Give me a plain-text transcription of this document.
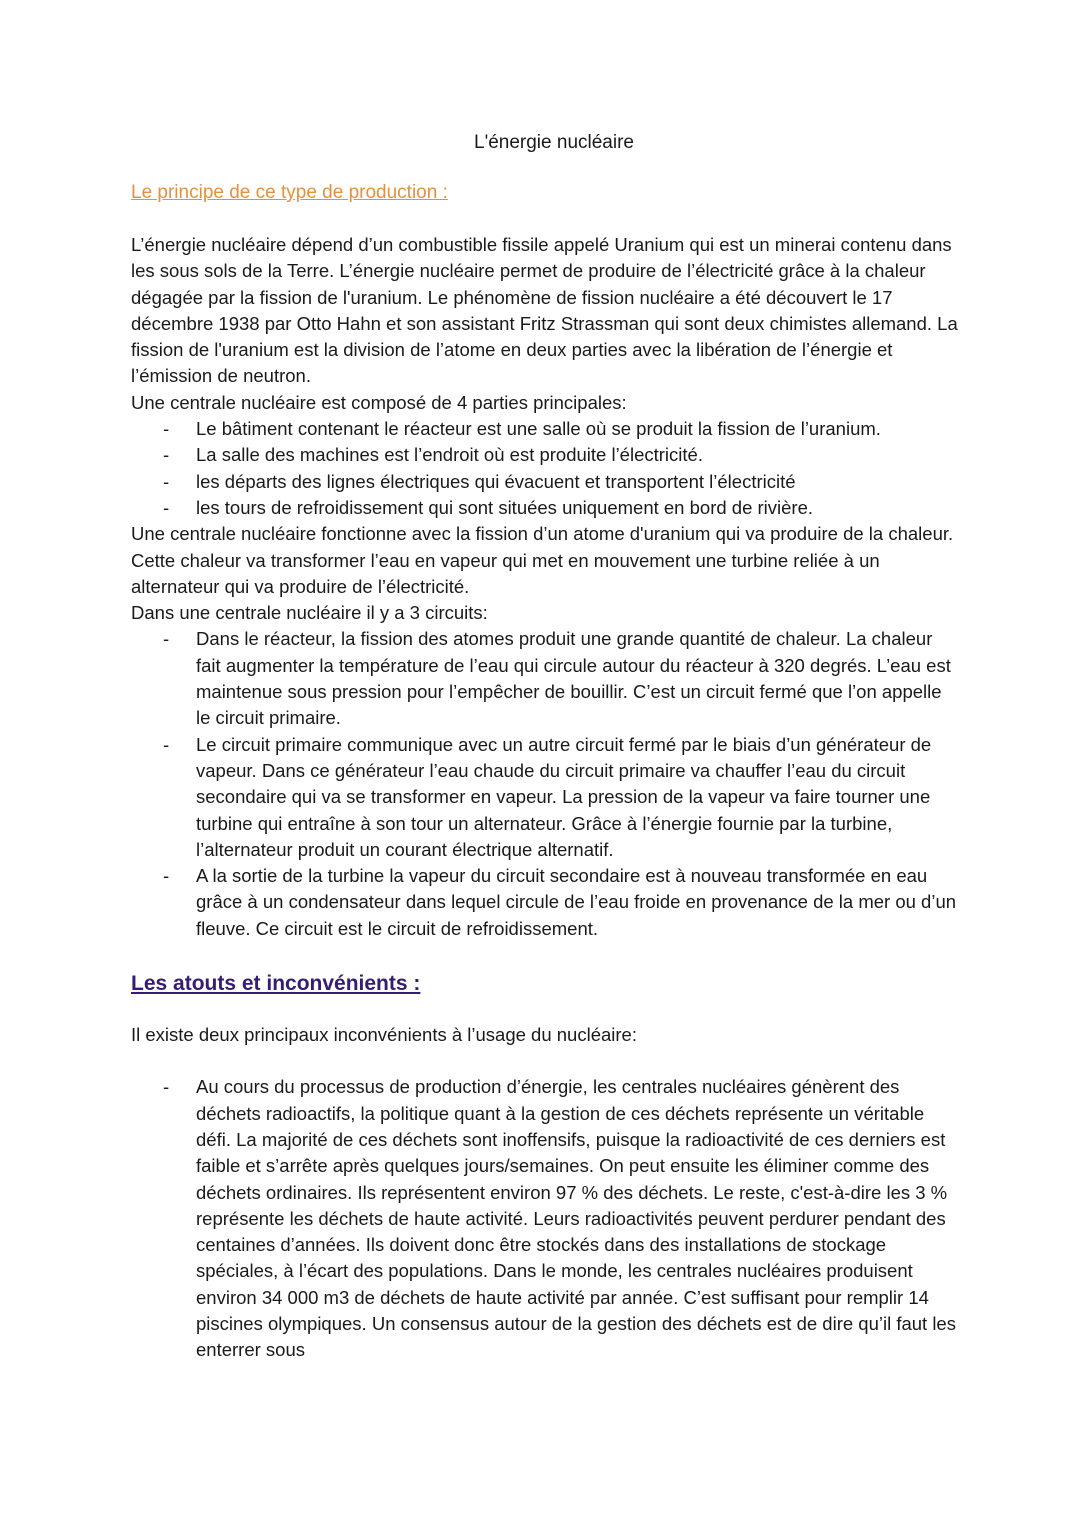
L'énergie nucléaire
Le principe de ce type de production :

L’énergie nucléaire dépend d’un combustible fissile appelé Uranium qui est un minerai contenu dans les sous sols de la Terre. L’énergie nucléaire permet de produire de l’électricité grâce à la chaleur dégagée par la fission de l'uranium. Le phénomène de fission nucléaire a été découvert le 17 décembre 1938 par Otto Hahn et son assistant Fritz Strassman qui sont deux chimistes allemand. La fission de l'uranium est la division de l’atome en deux parties avec la libération de l’énergie et l’émission de neutron.

Une centrale nucléaire est composé de 4 parties principales:

- Le bâtiment contenant le réacteur est une salle où se produit la fission de l’uranium.
- La salle des machines est l’endroit où est produite l’électricité.
- les départs des lignes électriques qui évacuent et transportent l’électricité
- les tours de refroidissement qui sont situées uniquement en bord de rivière.

Une centrale nucléaire fonctionne avec la fission d’un atome d'uranium qui va produire de la chaleur. Cette chaleur va transformer l’eau en vapeur qui met en mouvement une turbine reliée à un alternateur qui va produire de l’électricité.

Dans une centrale nucléaire il y a 3 circuits:

- Dans le réacteur, la fission des atomes produit une grande quantité de chaleur. La chaleur fait augmenter la température de l’eau qui circule autour du réacteur à 320 degrés. L’eau est maintenue sous pression pour l’empêcher de bouillir. C’est un circuit fermé que l’on appelle le circuit primaire.
- Le circuit primaire communique avec un autre circuit fermé par le biais d’un générateur de vapeur. Dans ce générateur l’eau chaude du circuit primaire va chauffer l’eau du circuit secondaire qui va se transformer en vapeur. La pression de la vapeur va faire tourner une turbine qui entraîne à son tour un alternateur. Grâce à l’énergie fournie par la turbine, l’alternateur produit un courant électrique alternatif.
- A la sortie de la turbine la vapeur du circuit secondaire est à nouveau transformée en eau grâce à un condensateur dans lequel circule de l’eau froide en provenance de la mer ou d’un fleuve. Ce circuit est le circuit de refroidissement.
Les atouts et inconvénients :

Il existe deux principaux inconvénients à l’usage du nucléaire:

- Au cours du processus de production d’énergie, les centrales nucléaires génèrent des déchets radioactifs, la politique quant à la gestion de ces déchets représente un véritable défi. La majorité de ces déchets sont inoffensifs, puisque la radioactivité de ces derniers est faible et s’arrête après quelques jours/semaines. On peut ensuite les éliminer comme des déchets ordinaires. Ils représentent environ 97 % des déchets. Le reste, c'est-à-dire les 3 % représente les déchets de haute activité. Leurs radioactivités peuvent perdurer pendant des centaines d’années. Ils doivent donc être stockés dans des installations de stockage spéciales, à l’écart des populations. Dans le monde, les centrales nucléaires produisent environ 34 000 m3 de déchets de haute activité par année. C’est suffisant pour remplir 14 piscines olympiques. Un consensus autour de la gestion des déchets est de dire qu’il faut les enterrer sous
